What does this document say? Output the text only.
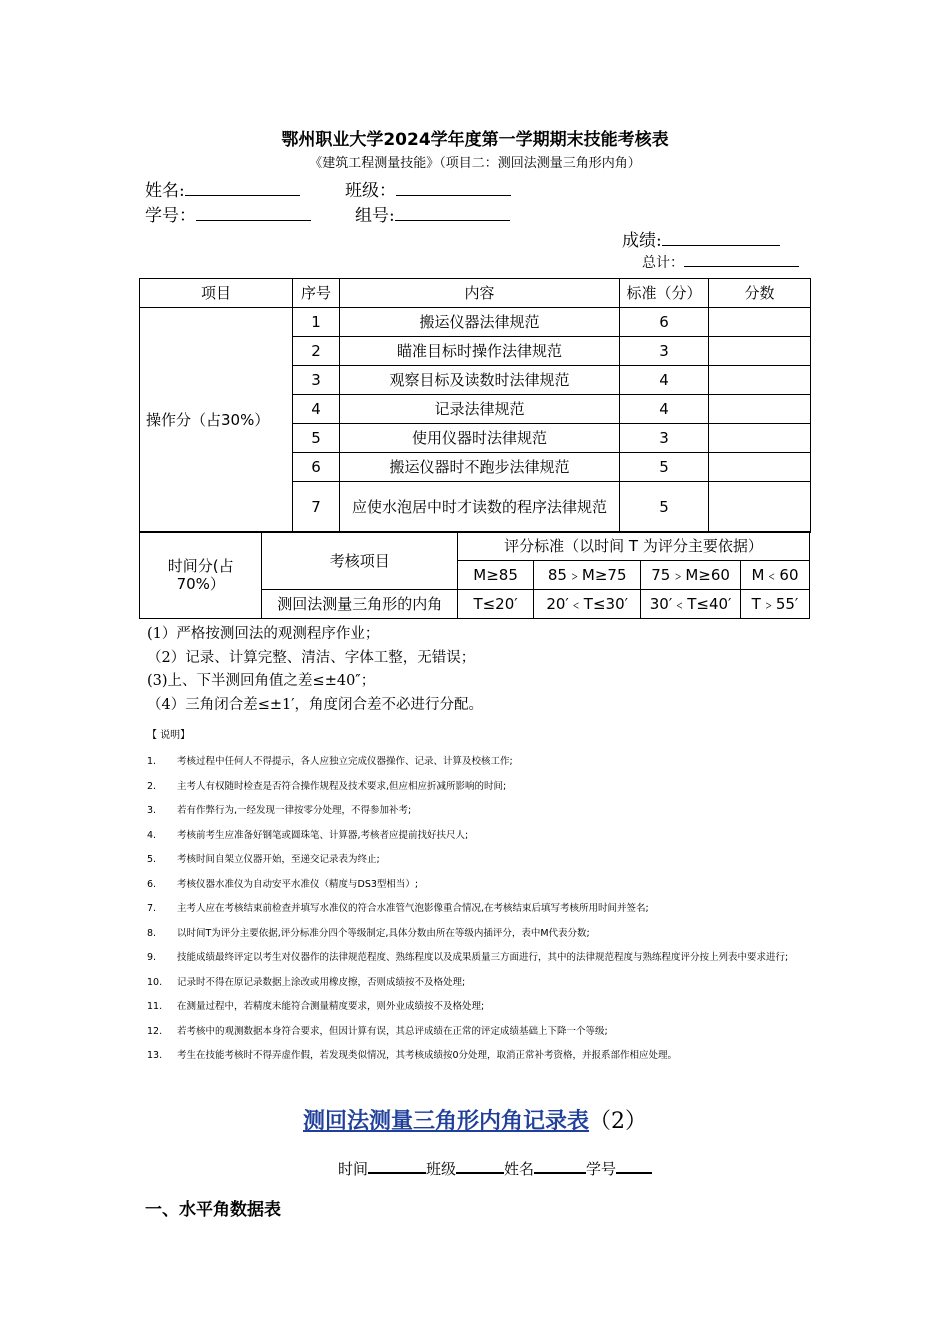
鄂州职业大学2024学年度第一学期期末技能考核表
《建筑工程测量技能》（项目二：测回法测量三角形内角）
姓名:	班级：
学号：	组号:
成绩:
总计：
项目	序号	内容	标准（分）	分数
操作分（占30%）	1	搬运仪器法律规范	6	
	2	瞄准目标时操作法律规范	3	
	3	观察目标及读数时法律规范	4	
	4	记录法律规范	4	
	5	使用仪器时法律规范	3	
	6	搬运仪器时不跑步法律规范	5	
	7	应使水泡居中时才读数的程序法律规范	5	
时间分(占70%）	考核项目	评分标准（以时间 T 为评分主要依据）			
		M≥85	85﹥M≥75	75﹥M≥60	M﹤60
	测回法测量三角形的内角	T≤20′	20′﹤T≤30′	30′﹤T≤40′	T﹥55′
(1）严格按测回法的观测程序作业；
（2）记录、计算完整、清洁、字体工整，无错误；
(3)上、下半测回角值之差≤±40″；
（4）三角闭合差≤±1′，角度闭合差不必进行分配。
【 说明】
1. 考核过程中任何人不得提示，各人应独立完成仪器操作、记录、计算及校核工作;
2. 主考人有权随时检查是否符合操作规程及技术要求,但应相应折减所影响的时间;
3. 若有作弊行为,一经发现一律按零分处理，不得参加补考;
4. 考核前考生应准备好钢笔或圆珠笔、计算器,考核者应提前找好扶尺人;
5. 考核时间自架立仪器开始，至递交记录表为终止;
6. 考核仪器水准仪为自动安平水准仪（精度与DS3型相当）;
7. 主考人应在考核结束前检查并填写水准仪的符合水准管气泡影像重合情况,在考核结束后填写考核所用时间并签名;
8. 以时间T为评分主要依据,评分标准分四个等级制定,具体分数由所在等级内插评分，表中M代表分数;
9. 技能成绩最终评定以考生对仪器作的法律规范程度、熟练程度以及成果质量三方面进行，其中的法律规范程度与熟练程度评分按上列表中要求进行;
10. 记录时不得在原记录数据上涂改或用橡皮擦，否则成绩按不及格处理;
11. 在测量过程中，若精度未能符合测量精度要求，则外业成绩按不及格处理;
12. 若考核中的观测数据本身符合要求，但因计算有误，其总评成绩在正常的评定成绩基础上下降一个等级;
13. 考生在技能考核时不得弄虚作假，若发现类似情况，其考核成绩按0分处理，取消正常补考资格，并报系部作相应处理。
测回法测量三角形内角记录表（2）
时间	班级	姓名	学号
一、水平角数据表
